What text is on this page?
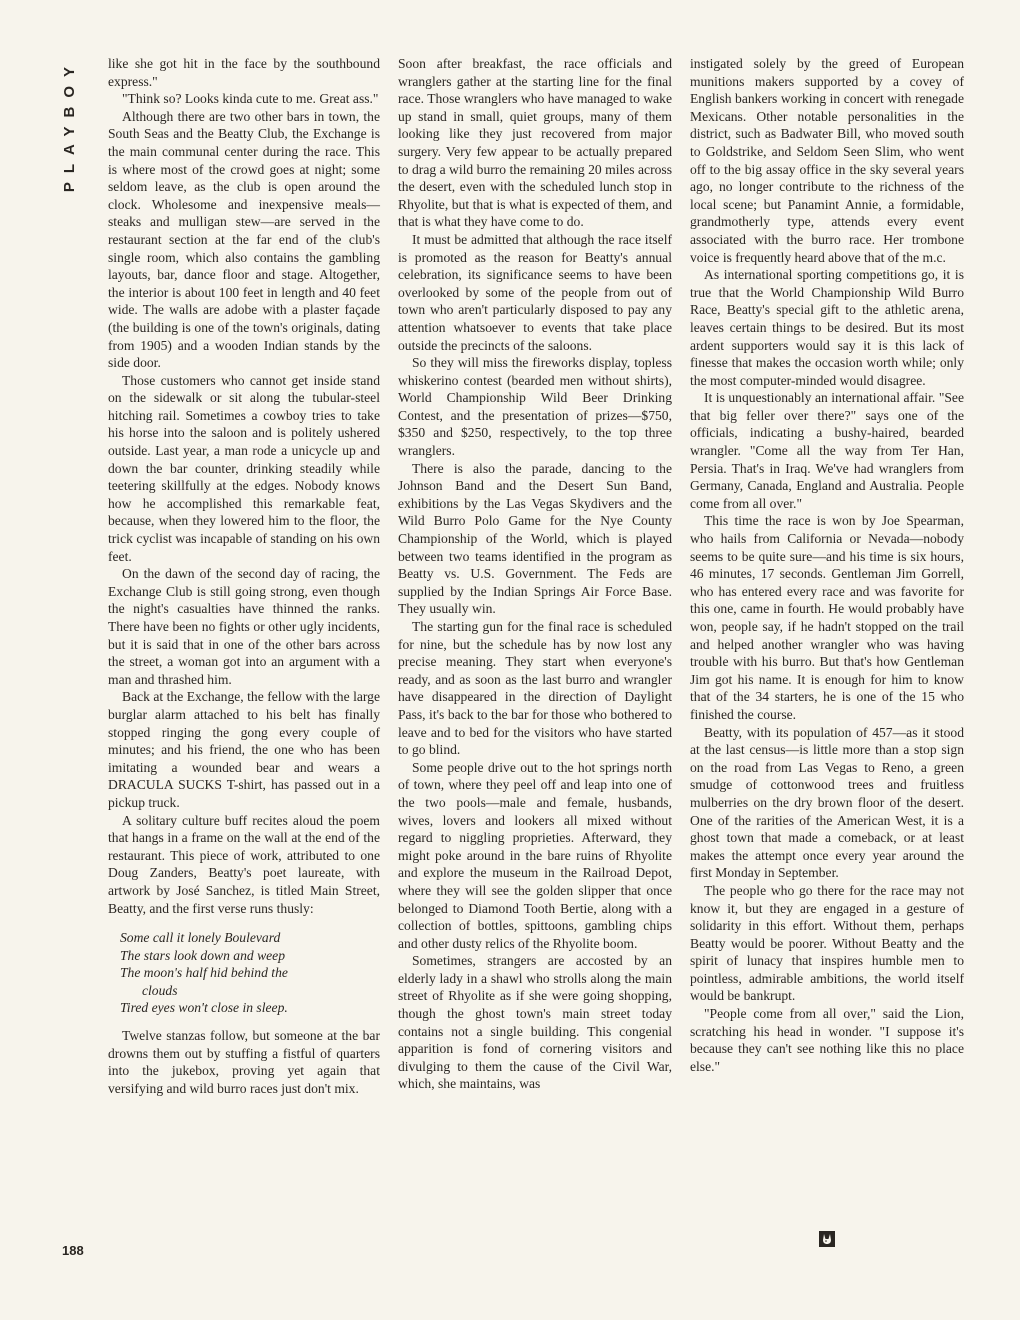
PLAYBOY like she got hit in the face by the southbound express."

"Think so? Looks kinda cute to me. Great ass."

Although there are two other bars in town, the South Seas and the Beatty Club, the Exchange is the main communal center during the race. This is where most of the crowd goes at night; some seldom leave, as the club is open around the clock. Wholesome and inexpensive meals—steaks and mulligan stew—are served in the restaurant section at the far end of the club's single room, which also contains the gambling layouts, bar, dance floor and stage. Altogether, the interior is about 100 feet in length and 40 feet wide. The walls are adobe with a plaster façade (the building is one of the town's originals, dating from 1905) and a wooden Indian stands by the side door.

Those customers who cannot get inside stand on the sidewalk or sit along the tubular-steel hitching rail. Sometimes a cowboy tries to take his horse into the saloon and is politely ushered outside. Last year, a man rode a unicycle up and down the bar counter, drinking steadily while teetering skillfully at the edges. Nobody knows how he accomplished this remarkable feat, because, when they lowered him to the floor, the trick cyclist was incapable of standing on his own feet.

On the dawn of the second day of racing, the Exchange Club is still going strong, even though the night's casualties have thinned the ranks. There have been no fights or other ugly incidents, but it is said that in one of the other bars across the street, a woman got into an argument with a man and thrashed him.

Back at the Exchange, the fellow with the large burglar alarm attached to his belt has finally stopped ringing the gong every couple of minutes; and his friend, the one who has been imitating a wounded bear and wears a DRACULA SUCKS T-shirt, has passed out in a pickup truck.

A solitary culture buff recites aloud the poem that hangs in a frame on the wall at the end of the restaurant. This piece of work, attributed to one Doug Zanders, Beatty's poet laureate, with artwork by José Sanchez, is titled Main Street, Beatty, and the first verse runs thusly:

Some call it lonely Boulevard
The stars look down and weep
The moon's half hid behind the
clouds
Tired eyes won't close in sleep.

Twelve stanzas follow, but someone at the bar drowns them out by stuffing a fistful of quarters into the jukebox, proving yet again that versifying and wild burro races just don't mix.

Soon after breakfast, the race officials and wranglers gather at the starting line for the final race. Those wranglers who have managed to wake up stand in small, quiet groups, many of them looking like they just recovered from major surgery. Very few appear to be actually prepared to drag a wild burro the remaining 20 miles across the desert, even with the scheduled lunch stop in Rhyolite, but that is what is expected of them, and that is what they have come to do.

It must be admitted that although the race itself is promoted as the reason for Beatty's annual celebration, its significance seems to have been overlooked by some of the people from out of town who aren't particularly disposed to pay any attention whatsoever to events that take place outside the precincts of the saloons.

So they will miss the fireworks display, topless whiskerino contest (bearded men without shirts), World Championship Wild Beer Drinking Contest, and the presentation of prizes—$750, $350 and $250, respectively, to the top three wranglers.

There is also the parade, dancing to the Johnson Band and the Desert Sun Band, exhibitions by the Las Vegas Skydivers and the Wild Burro Polo Game for the Nye County Championship of the World, which is played between two teams identified in the program as Beatty vs. U.S. Government. The Feds are supplied by the Indian Springs Air Force Base. They usually win.

The starting gun for the final race is scheduled for nine, but the schedule has by now lost any precise meaning. They start when everyone's ready, and as soon as the last burro and wrangler have disappeared in the direction of Daylight Pass, it's back to the bar for those who bothered to leave and to bed for the visitors who have started to go blind.

Some people drive out to the hot springs north of town, where they peel off and leap into one of the two pools—male and female, husbands, wives, lovers and lookers all mixed without regard to niggling proprieties. Afterward, they might poke around in the bare ruins of Rhyolite and explore the museum in the Railroad Depot, where they will see the golden slipper that once belonged to Diamond Tooth Bertie, along with a collection of bottles, spittoons, gambling chips and other dusty relics of the Rhyolite boom.

Sometimes, strangers are accosted by an elderly lady in a shawl who strolls along the main street of Rhyolite as if she were going shopping, though the ghost town's main street today contains not a single building. This congenial apparition is fond of cornering visitors and divulging to them the cause of the Civil War, which, she maintains, was

instigated solely by the greed of European munitions makers supported by a covey of English bankers working in concert with renegade Mexicans. Other notable personalities in the district, such as Badwater Bill, who moved south to Goldstrike, and Seldom Seen Slim, who went off to the big assay office in the sky several years ago, no longer contribute to the richness of the local scene; but Panamint Annie, a formidable, grandmotherly type, attends every event associated with the burro race. Her trombone voice is frequently heard above that of the m.c.

As international sporting competitions go, it is true that the World Championship Wild Burro Race, Beatty's special gift to the athletic arena, leaves certain things to be desired. But its most ardent supporters would say it is this lack of finesse that makes the occasion worth while; only the most computer-minded would disagree.

It is unquestionably an international affair. "See that big feller over there?" says one of the officials, indicating a bushy-haired, bearded wrangler. "Come all the way from Ter Han, Persia. That's in Iraq. We've had wranglers from Germany, Canada, England and Australia. People come from all over."

This time the race is won by Joe Spearman, who hails from California or Nevada—nobody seems to be quite sure—and his time is six hours, 46 minutes, 17 seconds. Gentleman Jim Gorrell, who has entered every race and was favorite for this one, came in fourth. He would probably have won, people say, if he hadn't stopped on the trail and helped another wrangler who was having trouble with his burro. But that's how Gentleman Jim got his name. It is enough for him to know that of the 34 starters, he is one of the 15 who finished the course.

Beatty, with its population of 457—as it stood at the last census—is little more than a stop sign on the road from Las Vegas to Reno, a green smudge of cottonwood trees and fruitless mulberries on the dry brown floor of the desert. One of the rarities of the American West, it is a ghost town that made a comeback, or at least makes the attempt once every year around the first Monday in September.

The people who go there for the race may not know it, but they are engaged in a gesture of solidarity in this effort. Without them, perhaps Beatty would be poorer. Without Beatty and the spirit of lunacy that inspires humble men to pointless, admirable ambitions, the world itself would be bankrupt.

"People come from all over," said the Lion, scratching his head in wonder. "I suppose it's because they can't see nothing like this no place else."

188
